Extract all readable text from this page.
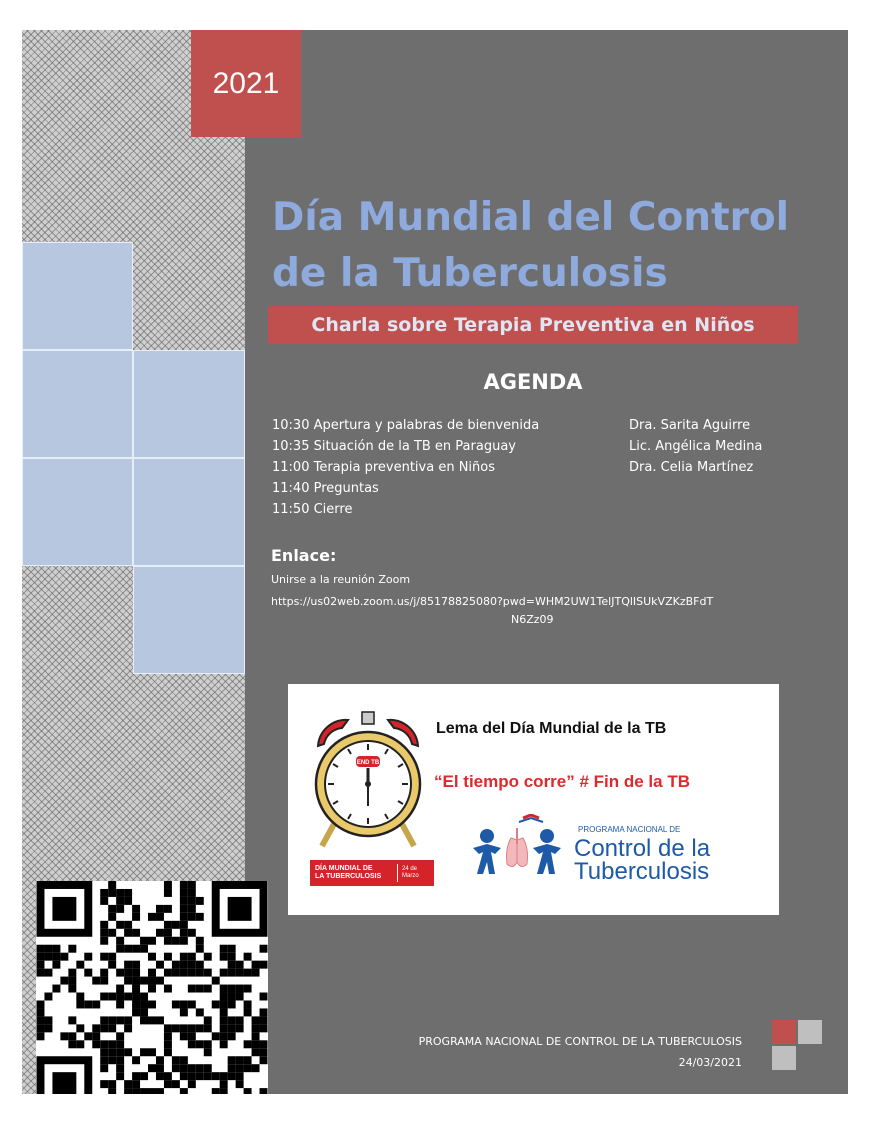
2021
Día Mundial del Control
de la Tuberculosis
Charla sobre Terapia Preventiva en Niños
AGENDA
10:30 Apertura y palabras de bienvenida	Dra. Sarita Aguirre
10:35 Situación de la TB en Paraguay	Lic. Angélica Medina
11:00 Terapia preventiva en Niños	Dra. Celia Martínez
11:40 Preguntas
11:50 Cierre
Enlace:
Unirse a la reunión Zoom
https://us02web.zoom.us/j/85178825080?pwd=WHM2UW1TelJTQlISUkVZKzBFdT
N6Zz09
END TB
Lema del Día Mundial de la TB
“El tiempo corre” # Fin de la TB
DÍA MUNDIAL DE
LA TUBERCULOSIS
24 de
Marzo
PROGRAMA NACIONAL DE
Control de la
Tuberculosis
PROGRAMA NACIONAL DE CONTROL DE LA TUBERCULOSIS
24/03/2021
